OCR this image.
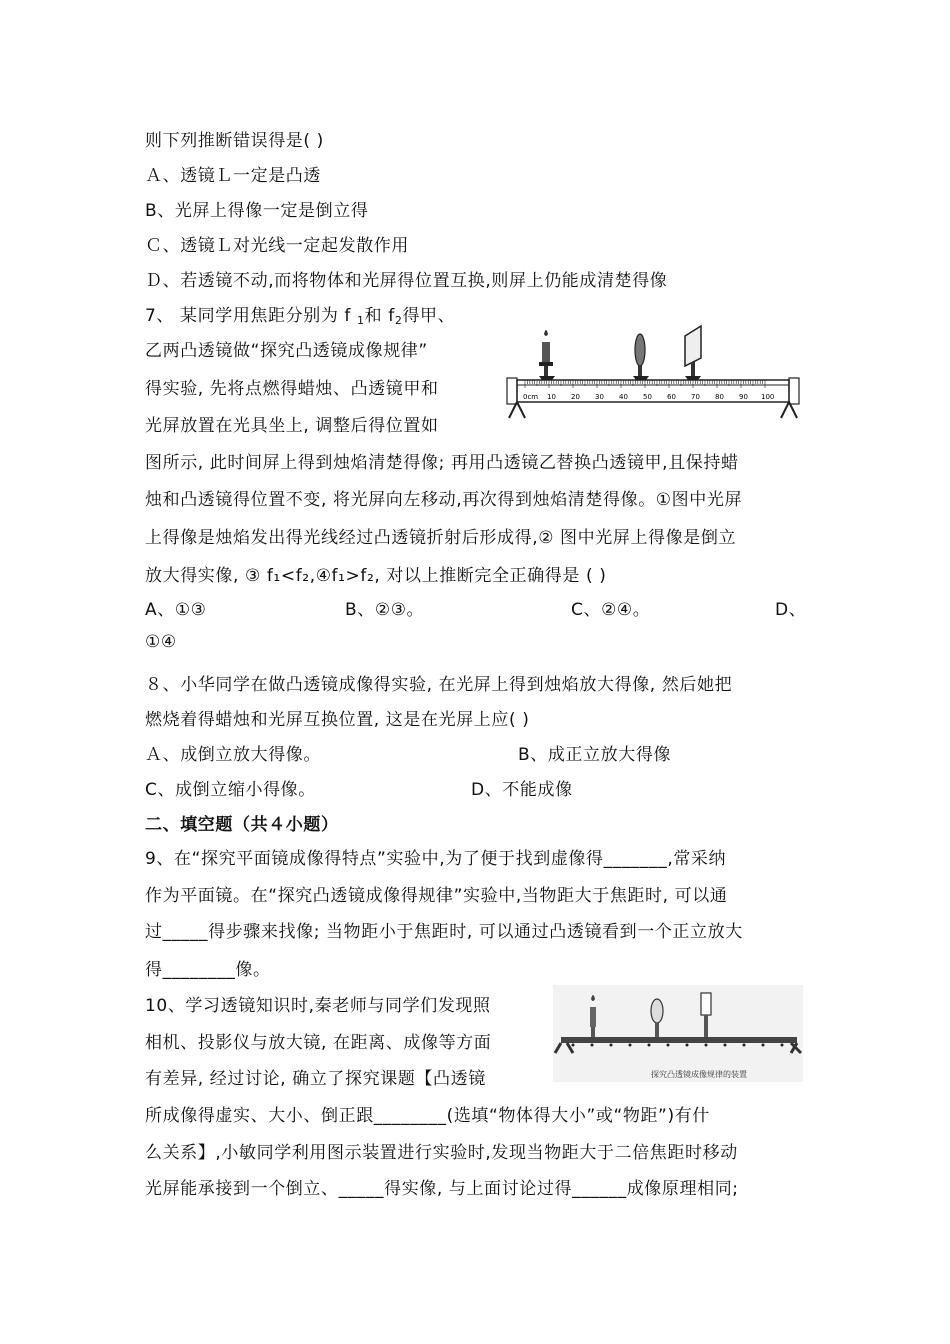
则下列推断错误得是( )
Ａ、透镜Ｌ一定是凸透
B、光屏上得像一定是倒立得
Ｃ、透镜Ｌ对光线一定起发散作用
Ｄ、若透镜不动,而将物体和光屏得位置互换,则屏上仍能成清楚得像
7、 某同学用焦距分别为 f $_1$和 $f_2$得甲、
乙两凸透镜做“探究凸透镜成像规律”
得实验, 先将点燃得蜡烛、凸透镜甲和
光屏放置在光具坐上, 调整后得位置如
图所示, 此时间屏上得到烛焰清楚得像; 再用凸透镜乙替换凸透镜甲,且保持蜡
烛和凸透镜得位置不变, 将光屏向左移动,再次得到烛焰清楚得像。①图中光屏
上得像是烛焰发出得光线经过凸透镜折射后形成得,② 图中光屏上得像是倒立
放大得实像, ③ f₁<f₂,④f₁>f₂, 对以上推断完全正确得是 ( )
A、①③	B、②③。	C、②④。	D、
①④
0cm 10 20 30 40 50 60 70 80 90 100
８、小华同学在做凸透镜成像得实验, 在光屏上得到烛焰放大得像, 然后她把
燃烧着得蜡烛和光屏互换位置, 这是在光屏上应( )
Ａ、成倒立放大得像。	B、成正立放大得像
C、成倒立缩小得像。	D、不能成像
二、填空题（共４小题）
9、在“探究平面镜成像得特点”实验中,为了便于找到虚像得_______,常采纳
作为平面镜。在“探究凸透镜成像得规律”实验中,当物距大于焦距时, 可以通
过_____得步骤来找像; 当物距小于焦距时, 可以通过凸透镜看到一个正立放大
得________像。
10、学习透镜知识时,秦老师与同学们发现照
相机、投影仪与放大镜, 在距离、成像等方面
有差异, 经过讨论, 确立了探究课题【凸透镜
所成像得虚实、大小、倒正跟________(选填“物体得大小”或“物距”)有什
么关系】,小敏同学利用图示装置进行实验时,发现当物距大于二倍焦距时移动
光屏能承接到一个倒立、_____得实像, 与上面讨论过得______成像原理相同;
探究凸透镜成像规律的装置
